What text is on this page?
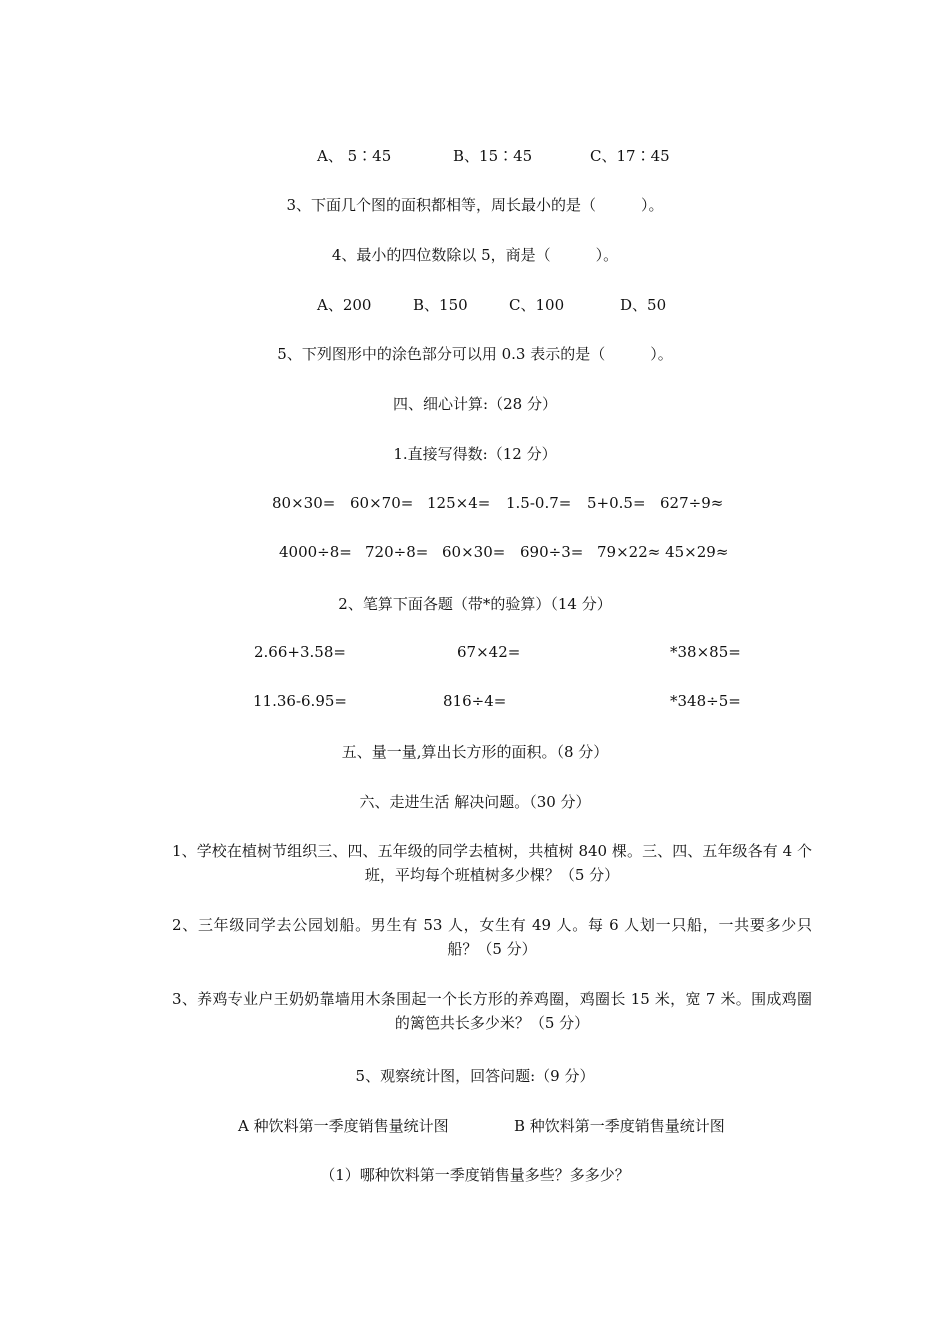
A、 5∶45	B、15∶45	C、17∶45
3、下面几个图的面积都相等，周长最小的是（　　　）。
4、最小的四位数除以 5，商是（　　　）。
A、200	B、150	C、100	D、50
5、下列图形中的涂色部分可以用 0.3 表示的是（　　　）。
四、细心计算:（28 分）
1.直接写得数:（12 分）
80×30= 60×70= 125×4= 1.5-0.7= 5+0.5= 627÷9≈
4000÷8= 720÷8= 60×30= 690÷3= 79×22≈ 45×29≈
2、笔算下面各题（带*的验算）（14 分）
2.66+3.58=	67×42=	*38×85=
11.36-6.95=	816÷4=	*348÷5=
五、量一量,算出长方形的面积。（8 分）
六、走进生活 解决问题。（30 分）
1、学校在植树节组织三、四、五年级的同学去植树，共植树 840 棵。三、四、五年级各有 4 个班，平均每个班植树多少棵？（5 分）
2、三年级同学去公园划船。男生有 53 人，女生有 49 人。每 6 人划一只船，一共要多少只船？（5 分）
3、养鸡专业户王奶奶靠墙用木条围起一个长方形的养鸡圈，鸡圈长 15 米，宽 7 米。围成鸡圈的篱笆共长多少米？（5 分）
5、观察统计图，回答问题:（9 分）
A 种饮料第一季度销售量统计图	B 种饮料第一季度销售量统计图
（1）哪种饮料第一季度销售量多些？多多少？
